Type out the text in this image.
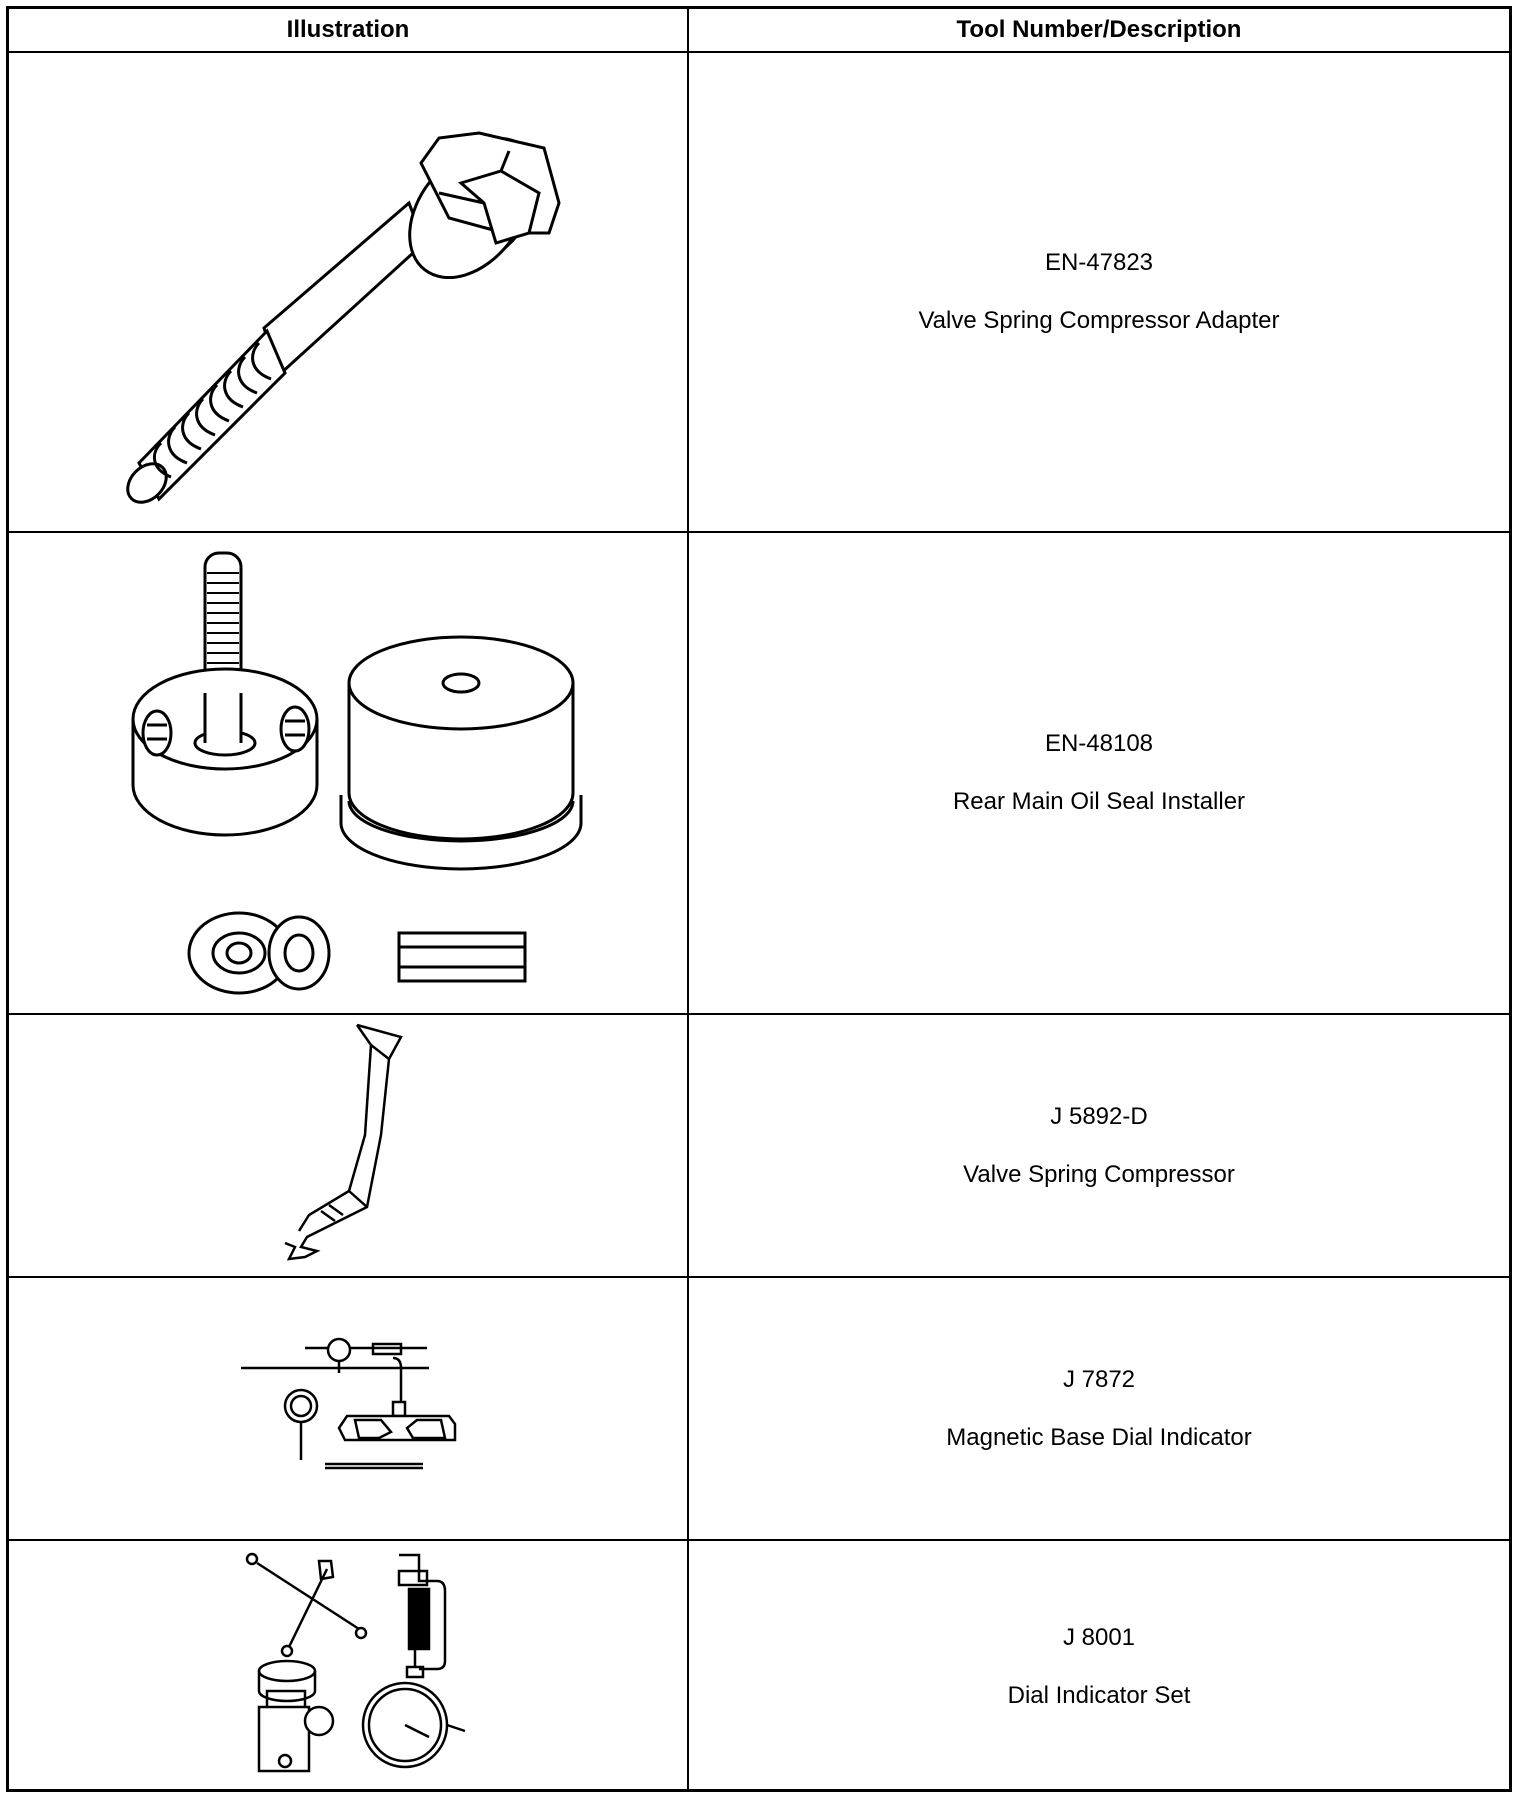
Illustration	Tool Number/Description
EN-47823
Valve Spring Compressor Adapter
EN-48108
Rear Main Oil Seal Installer
J 5892-D
Valve Spring Compressor
J 7872
Magnetic Base Dial Indicator
J 8001
Dial Indicator Set
